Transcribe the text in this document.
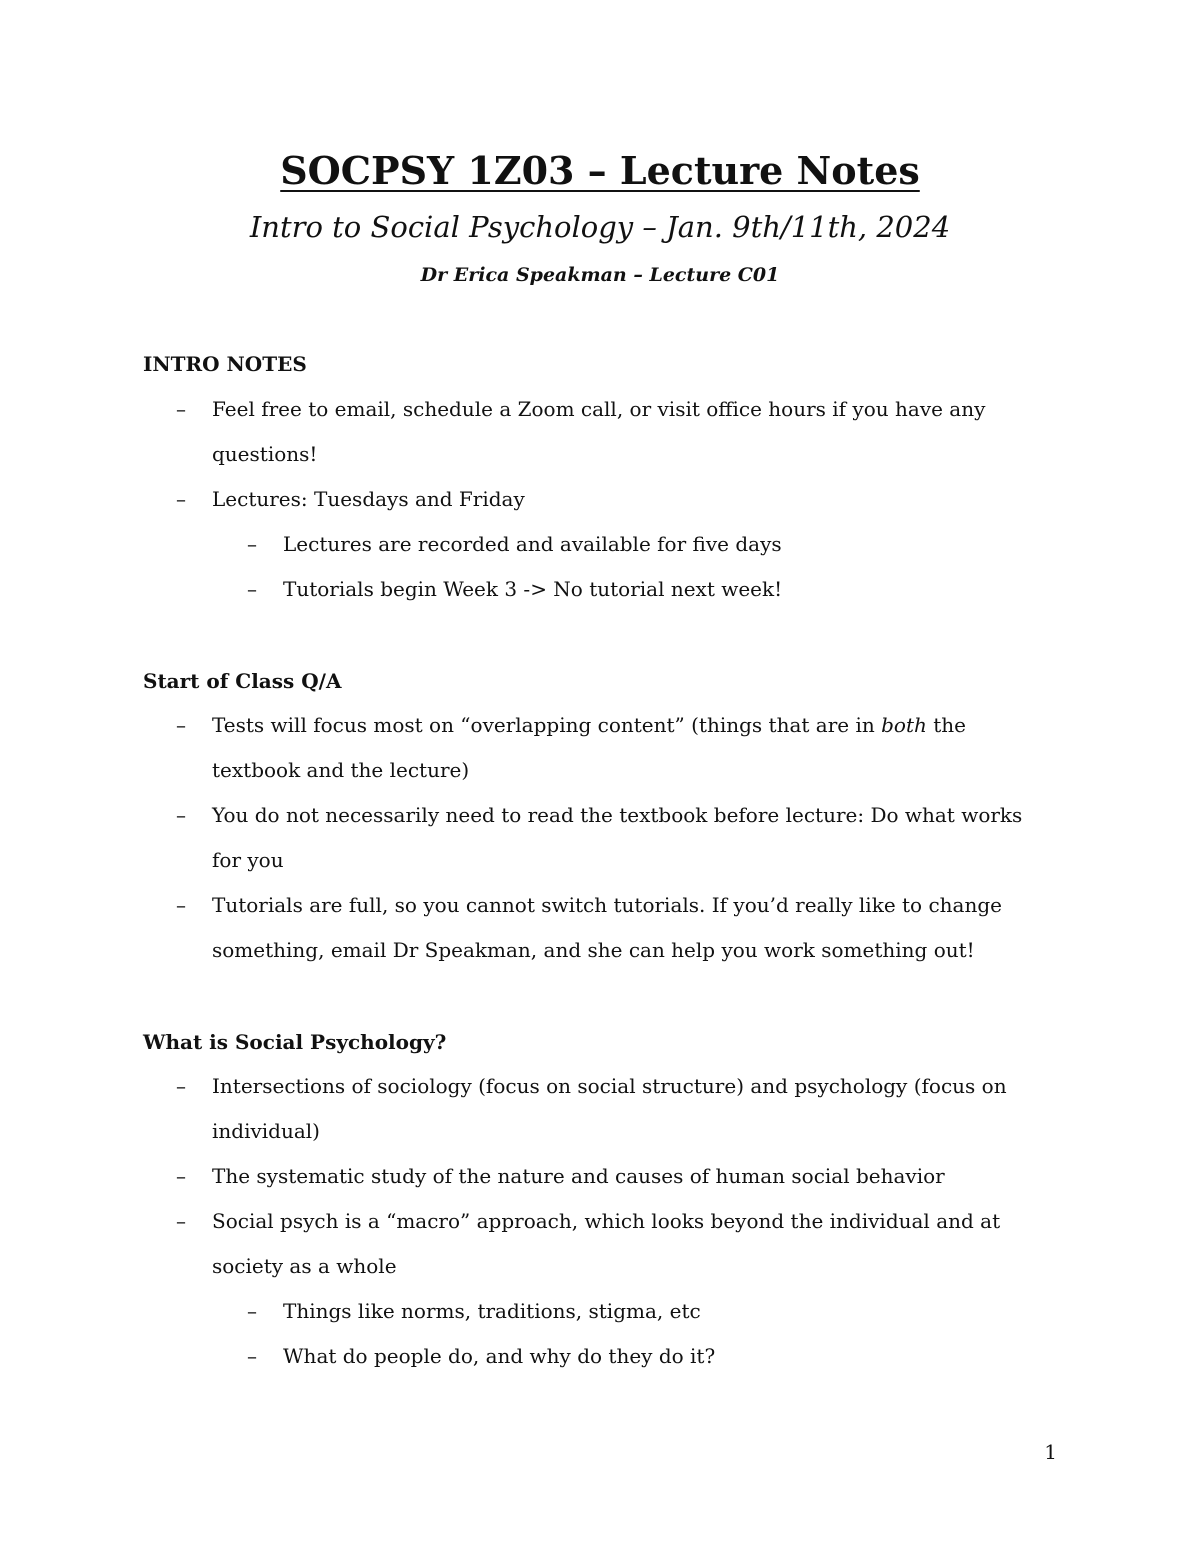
SOCPSY 1Z03 – Lecture Notes
Intro to Social Psychology – Jan. 9th/11th, 2024
Dr Erica Speakman – Lecture C01
INTRO NOTES
– Feel free to email, schedule a Zoom call, or visit office hours if you have any questions!
– Lectures: Tuesdays and Friday
– Lectures are recorded and available for five days
– Tutorials begin Week 3 -> No tutorial next week!
Start of Class Q/A
– Tests will focus most on “overlapping content” (things that are in both the textbook and the lecture)
– You do not necessarily need to read the textbook before lecture: Do what works for you
– Tutorials are full, so you cannot switch tutorials. If you’d really like to change something, email Dr Speakman, and she can help you work something out!
What is Social Psychology?
– Intersections of sociology (focus on social structure) and psychology (focus on individual)
– The systematic study of the nature and causes of human social behavior
– Social psych is a “macro” approach, which looks beyond the individual and at society as a whole
– Things like norms, traditions, stigma, etc
– What do people do, and why do they do it?
1
